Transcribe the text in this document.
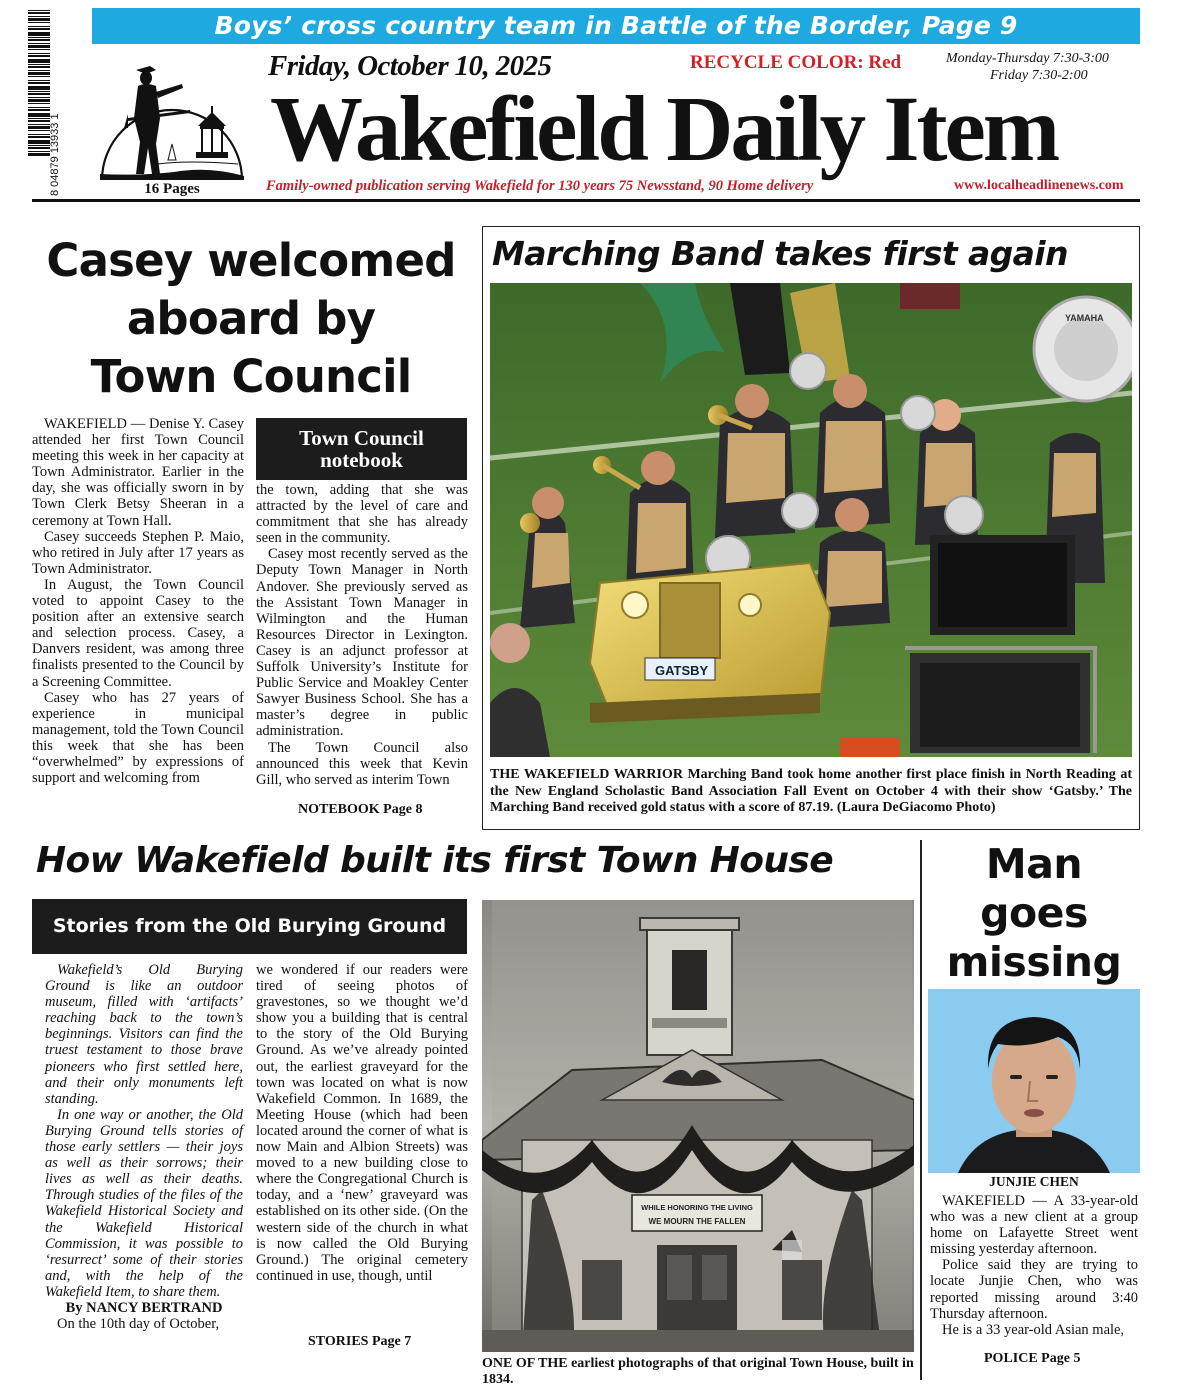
8 04879 13933 1
Boys’ cross country team in Battle of the Border, Page 9
16 Pages
Friday, October 10, 2025	RECYCLE COLOR: Red	Monday-Thursday 7:30-3:00
Friday 7:30-2:00
Wakefield Daily Item
Family-owned publication serving Wakefield for 130 years 75 Newsstand, 90 Home delivery	www.localheadlinenews.com
Casey welcomed
aboard by
Town Council

WAKEFIELD — Denise Y. Casey attended her first Town Council meeting this week in her capacity at Town Administrator. Earlier in the day, she was officially sworn in by Town Clerk Betsy Sheeran in a ceremony at Town Hall.

Casey succeeds Stephen P. Maio, who retired in July after 17 years as Town Administrator.

In August, the Town Council voted to appoint Casey to the position after an extensive search and selection process. Casey, a Danvers resident, was among three finalists presented to the Council by a Screening Committee.

Casey who has 27 years of experience in municipal management, told the Town Council this week that she has been “overwhelmed” by expressions of support and welcoming from

Town Council
notebook

the town, adding that she was attracted by the level of care and commitment that she has already seen in the community.

Casey most recently served as the Deputy Town Manager in North Andover. She previously served as the Assistant Town Manager in Wilmington and the Human Resources Director in Lexington. Casey is an adjunct professor at Suffolk University’s Institute for Public Service and Moakley Center Sawyer Business School. She has a master’s degree in public administration.

The Town Council also announced this week that Kevin Gill, who served as interim Town

NOTEBOOK Page 8
Marching Band takes first again
YAMAHA
GATSBY
THE WAKEFIELD WARRIOR Marching Band took home another first place finish in North Reading at the New England Scholastic Band Association Fall Event on October 4 with their show ‘Gatsby.’ The Marching Band received gold status with a score of 87.19. (Laura DeGiacomo Photo)
How Wakefield built its first Town House
Stories from the Old Burying Ground

Wakefield’s Old Burying Ground is like an outdoor museum, filled with ‘artifacts’ reaching back to the town’s beginnings. Visitors can find the truest testament to those brave pioneers who first settled here, and their only monuments left standing.

In one way or another, the Old Burying Ground tells stories of those early settlers — their joys as well as their sorrows; their lives as well as their deaths. Through studies of the files of the Wakefield Historical Society and the Wakefield Historical Commission, it was possible to ‘resurrect’ some of their stories and, with the help of the Wakefield Item, to share them.

By NANCY BERTRAND

On the 10th day of October,

we wondered if our readers were tired of seeing photos of gravestones, so we thought we’d show you a building that is central to the story of the Old Burying Ground. As we’ve already pointed out, the earliest graveyard for the town was located on what is now Wakefield Common. In 1689, the Meeting House (which had been located around the corner of what is now Main and Albion Streets) was moved to a new building close to where the Congregational Church is today, and a ‘new’ graveyard was established on its other side. (On the western side of the church in what is now called the Old Burying Ground.) The original cemetery continued in use, though, until

STORIES Page 7
WHILE HONORING THE LIVING
WE MOURN THE FALLEN
ONE OF THE earliest photographs of that original Town House, built in 1834.
Man
goes
missing
JUNJIE CHEN

WAKEFIELD — A 33-year-old who was a new client at a group home on Lafayette Street went missing yesterday afternoon.

Police said they are trying to locate Junjie Chen, who was reported missing around 3:40 Thursday afternoon.

He is a 33 year-old Asian male,

POLICE Page 5
